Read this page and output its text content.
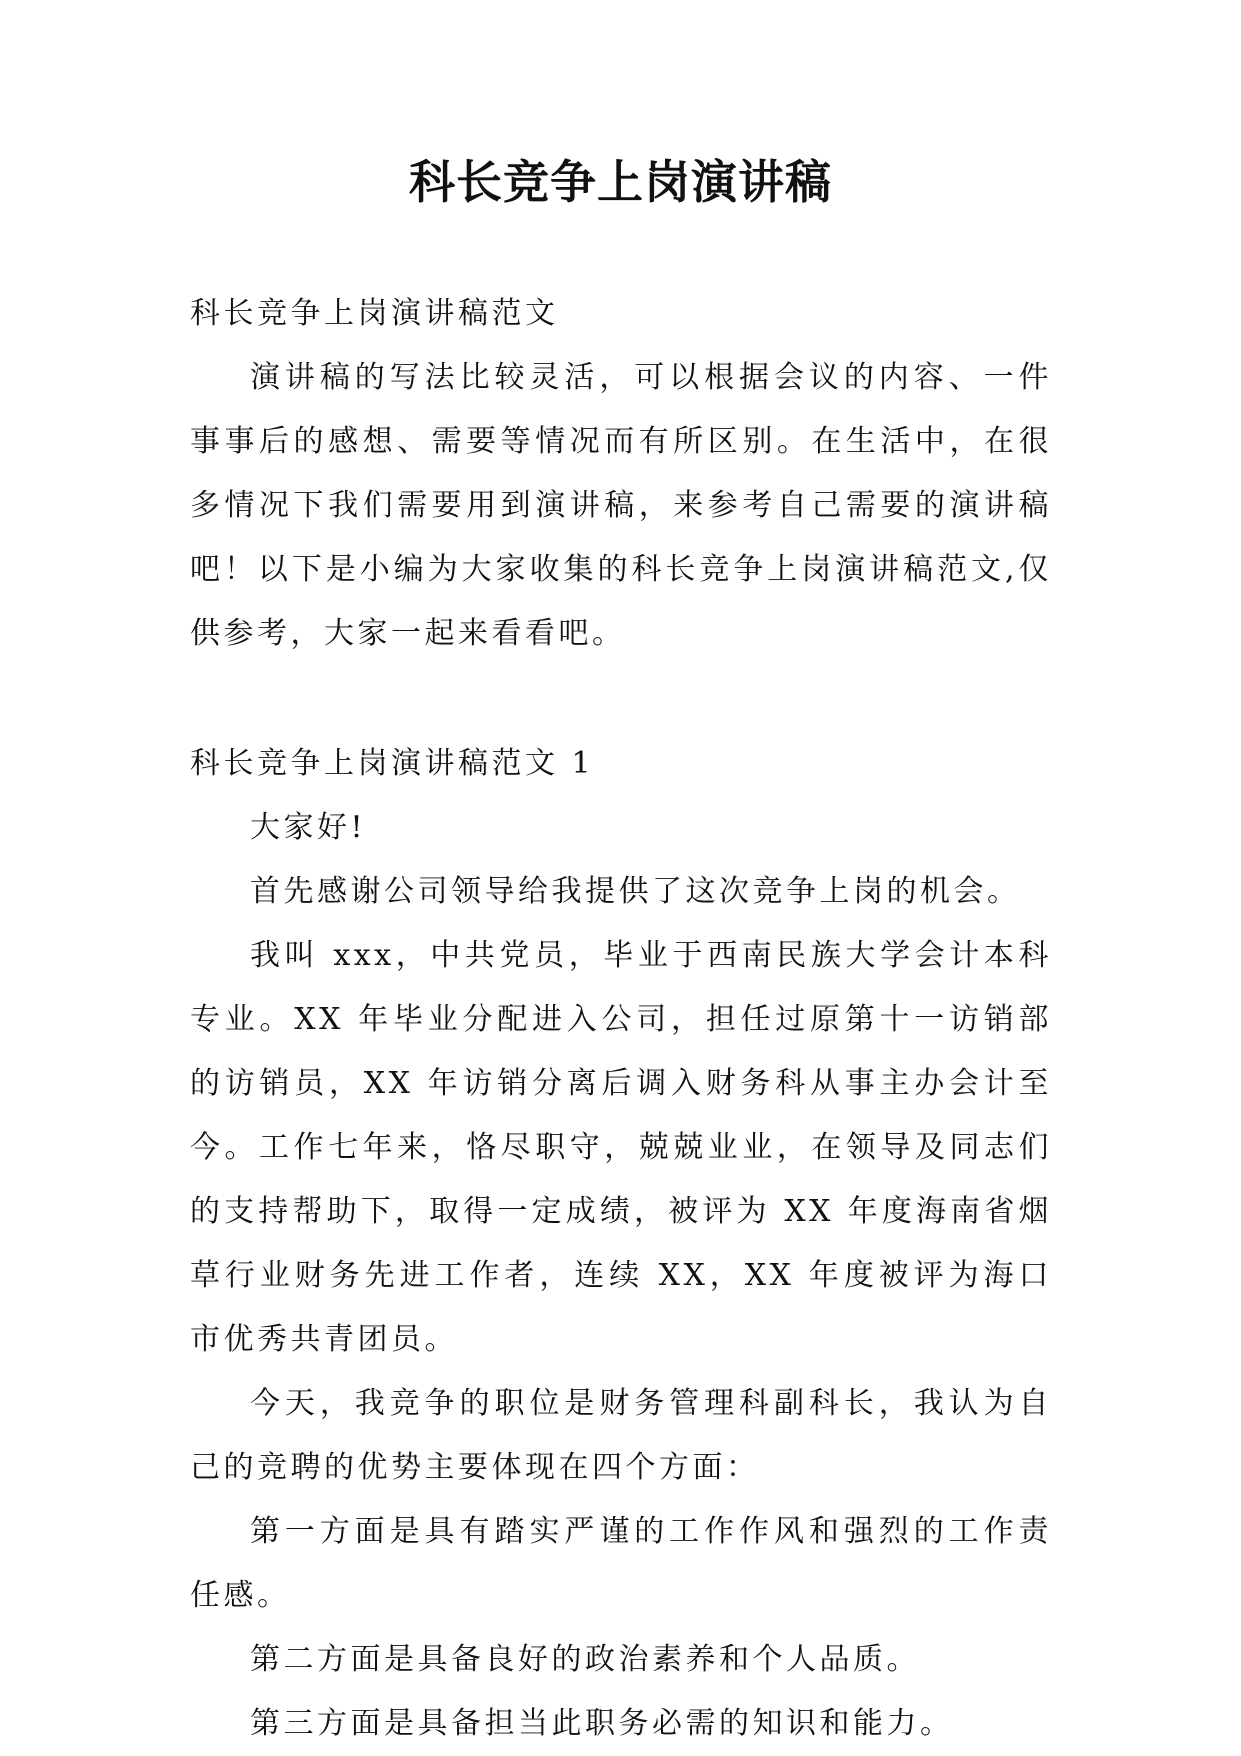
科长竞争上岗演讲稿

科长竞争上岗演讲稿范文

演讲稿的写法比较灵活，可以根据会议的内容、一件事事后的感想、需要等情况而有所区别。在生活中，在很多情况下我们需要用到演讲稿，来参考自己需要的演讲稿吧！以下是小编为大家收集的科长竞争上岗演讲稿范文,仅供参考，大家一起来看看吧。

科长竞争上岗演讲稿范文 1

大家好!

首先感谢公司领导给我提供了这次竞争上岗的机会。

我叫 xxx，中共党员，毕业于西南民族大学会计本科专业。XX 年毕业分配进入公司，担任过原第十一访销部的访销员，XX 年访销分离后调入财务科从事主办会计至今。工作七年来，恪尽职守，兢兢业业，在领导及同志们的支持帮助下，取得一定成绩，被评为 XX 年度海南省烟草行业财务先进工作者，连续 XX，XX 年度被评为海口市优秀共青团员。

今天，我竞争的职位是财务管理科副科长，我认为自己的竞聘的优势主要体现在四个方面：

第一方面是具有踏实严谨的工作作风和强烈的工作责任感。

第二方面是具备良好的政治素养和个人品质。

第三方面是具备担当此职务必需的知识和能力。
